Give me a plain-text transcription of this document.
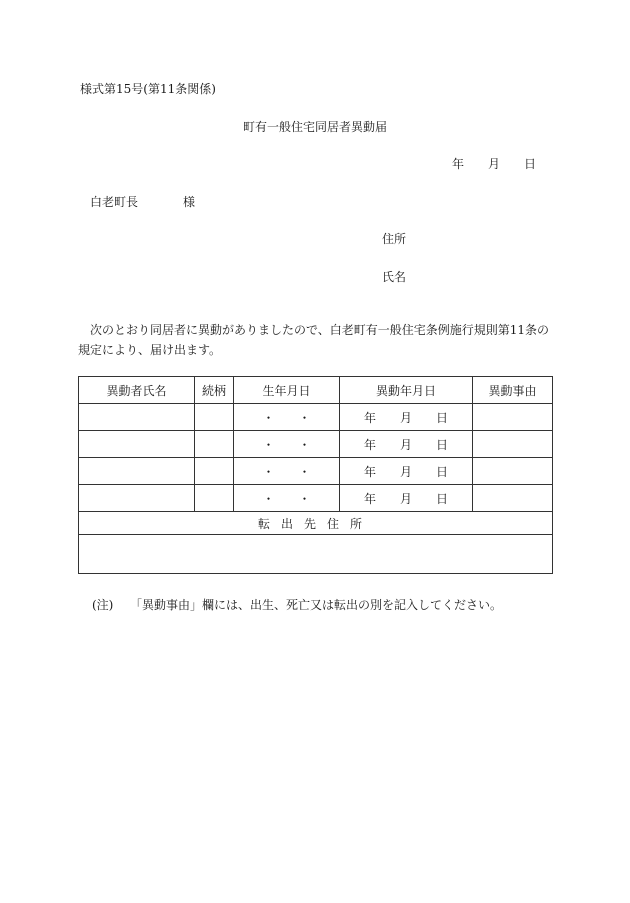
様式第15号(第11条関係)
町有一般住宅同居者異動届
年 月 日
白老町長	様
住所
氏名
次のとおり同居者に異動がありましたので、白老町有一般住宅条例施行規則第11条の規定により、届け出ます。
異動者氏名	続柄	生年月日	異動年月日	異動事由
		・ ・	年 月 日	
		・ ・	年 月 日	
		・ ・	年 月 日	
		・ ・	年 月 日	
転出先住所				

(注) 「異動事由」欄には、出生、死亡又は転出の別を記入してください。
